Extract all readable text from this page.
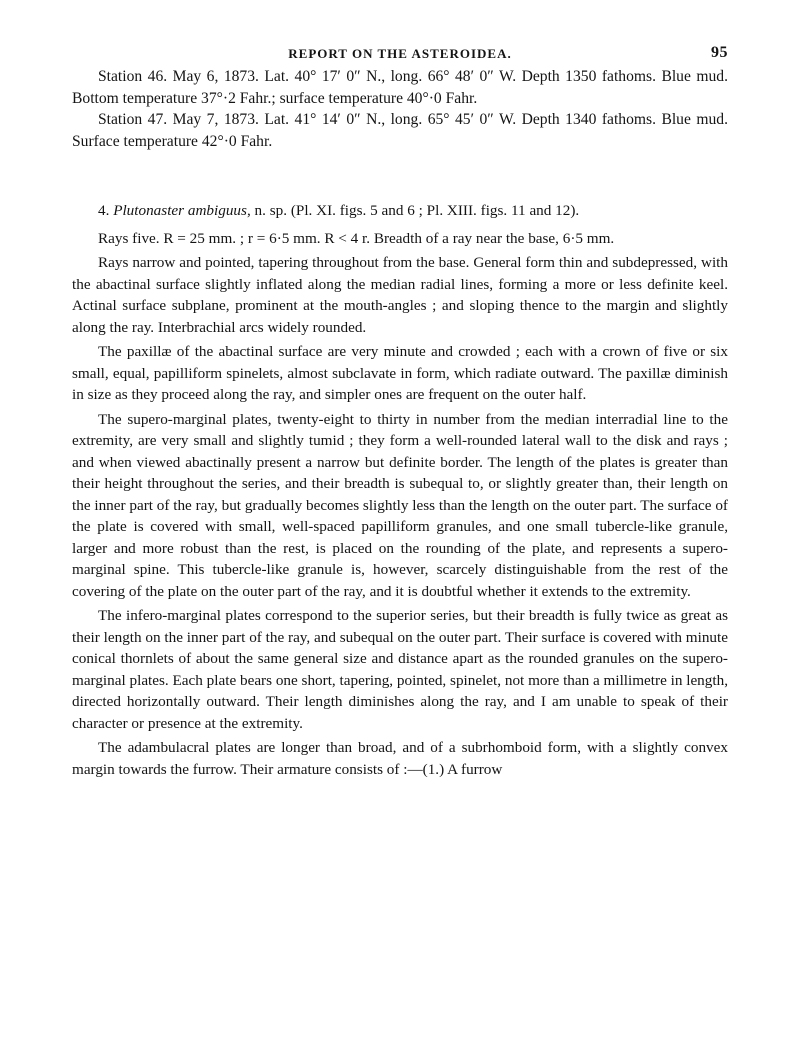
REPORT ON THE ASTEROIDEA.	95

Station 46. May 6, 1873. Lat. 40° 17′ 0″ N., long. 66° 48′ 0″ W. Depth 1350 fathoms. Blue mud. Bottom temperature 37°·2 Fahr.; surface temperature 40°·0 Fahr.

Station 47. May 7, 1873. Lat. 41° 14′ 0″ N., long. 65° 45′ 0″ W. Depth 1340 fathoms. Blue mud. Surface temperature 42°·0 Fahr.

4. Plutonaster ambiguus, n. sp. (Pl. XI. figs. 5 and 6 ; Pl. XIII. figs. 11 and 12).

Rays five. R = 25 mm. ; r = 6·5 mm. R < 4 r. Breadth of a ray near the base, 6·5 mm.

Rays narrow and pointed, tapering throughout from the base. General form thin and subdepressed, with the abactinal surface slightly inflated along the median radial lines, forming a more or less definite keel. Actinal surface subplane, prominent at the mouth-angles ; and sloping thence to the margin and slightly along the ray. Interbrachial arcs widely rounded.

The paxillæ of the abactinal surface are very minute and crowded ; each with a crown of five or six small, equal, papilliform spinelets, almost subclavate in form, which radiate outward. The paxillæ diminish in size as they proceed along the ray, and simpler ones are frequent on the outer half.

The supero-marginal plates, twenty-eight to thirty in number from the median interradial line to the extremity, are very small and slightly tumid ; they form a well-rounded lateral wall to the disk and rays ; and when viewed abactinally present a narrow but definite border. The length of the plates is greater than their height throughout the series, and their breadth is subequal to, or slightly greater than, their length on the inner part of the ray, but gradually becomes slightly less than the length on the outer part. The surface of the plate is covered with small, well-spaced papilliform granules, and one small tubercle-like granule, larger and more robust than the rest, is placed on the rounding of the plate, and represents a supero-marginal spine. This tubercle-like granule is, however, scarcely distinguishable from the rest of the covering of the plate on the outer part of the ray, and it is doubtful whether it extends to the extremity.

The infero-marginal plates correspond to the superior series, but their breadth is fully twice as great as their length on the inner part of the ray, and subequal on the outer part. Their surface is covered with minute conical thornlets of about the same general size and distance apart as the rounded granules on the supero-marginal plates. Each plate bears one short, tapering, pointed, spinelet, not more than a millimetre in length, directed horizontally outward. Their length diminishes along the ray, and I am unable to speak of their character or presence at the extremity.

The adambulacral plates are longer than broad, and of a subrhomboid form, with a slightly convex margin towards the furrow. Their armature consists of :—(1.) A furrow
